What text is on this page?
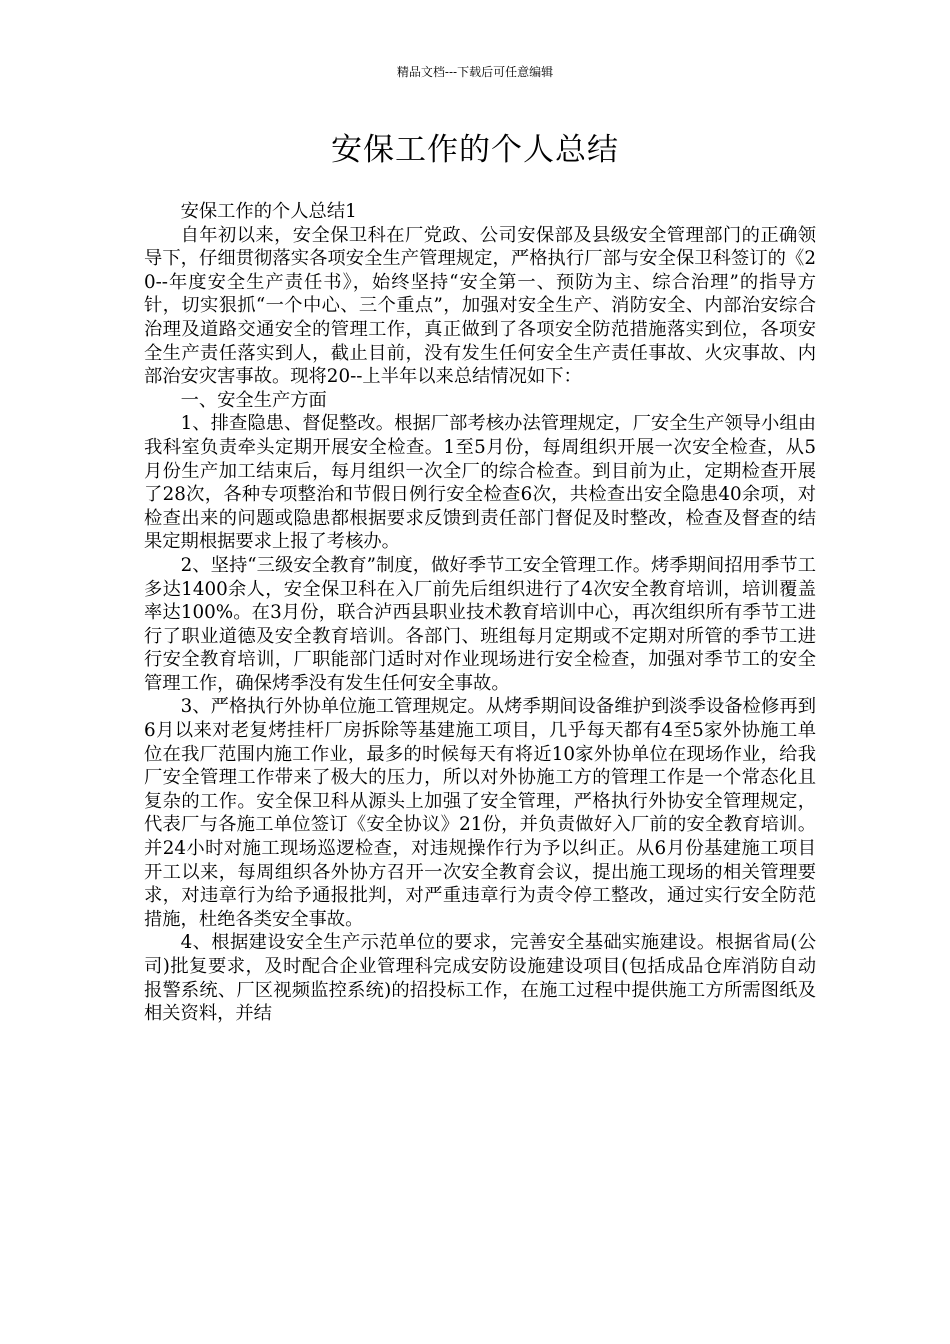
精品文档---下载后可任意编辑
安保工作的个人总结

安保工作的个人总结1

自年初以来，安全保卫科在厂党政、公司安保部及县级安全管理部门的正确领导下，仔细贯彻落实各项安全生产管理规定，严格执行厂部与安全保卫科签订的《20--年度安全生产责任书》，始终坚持“安全第一、预防为主、综合治理”的指导方针，切实狠抓“一个中心、三个重点”，加强对安全生产、消防安全、内部治安综合治理及道路交通安全的管理工作，真正做到了各项安全防范措施落实到位，各项安全生产责任落实到人，截止目前，没有发生任何安全生产责任事故、火灾事故、内部治安灾害事故。现将20--上半年以来总结情况如下：

一、安全生产方面

1、排查隐患、督促整改。根据厂部考核办法管理规定，厂安全生产领导小组由我科室负责牵头定期开展安全检查。1至5月份，每周组织开展一次安全检查，从5月份生产加工结束后，每月组织一次全厂的综合检查。到目前为止，定期检查开展了28次，各种专项整治和节假日例行安全检查6次，共检查出安全隐患40余项，对检查出来的问题或隐患都根据要求反馈到责任部门督促及时整改，检查及督查的结果定期根据要求上报了考核办。

2、坚持“三级安全教育”制度，做好季节工安全管理工作。烤季期间招用季节工多达1400余人，安全保卫科在入厂前先后组织进行了4次安全教育培训，培训覆盖率达100%。在3月份，联合泸西县职业技术教育培训中心，再次组织所有季节工进行了职业道德及安全教育培训。各部门、班组每月定期或不定期对所管的季节工进行安全教育培训，厂职能部门适时对作业现场进行安全检查，加强对季节工的安全管理工作，确保烤季没有发生任何安全事故。

3、严格执行外协单位施工管理规定。从烤季期间设备维护到淡季设备检修再到6月以来对老复烤挂杆厂房拆除等基建施工项目，几乎每天都有4至5家外协施工单位在我厂范围内施工作业，最多的时候每天有将近10家外协单位在现场作业，给我厂安全管理工作带来了极大的压力，所以对外协施工方的管理工作是一个常态化且复杂的工作。安全保卫科从源头上加强了安全管理，严格执行外协安全管理规定，代表厂与各施工单位签订《安全协议》21份，并负责做好入厂前的安全教育培训。并24小时对施工现场巡逻检查，对违规操作行为予以纠正。从6月份基建施工项目开工以来，每周组织各外协方召开一次安全教育会议，提出施工现场的相关管理要求，对违章行为给予通报批判，对严重违章行为责令停工整改，通过实行安全防范措施，杜绝各类安全事故。

4、根据建设安全生产示范单位的要求，完善安全基础实施建设。根据省局(公司)批复要求，及时配合企业管理科完成安防设施建设项目(包括成品仓库消防自动报警系统、厂区视频监控系统)的招投标工作，在施工过程中提供施工方所需图纸及相关资料，并结
